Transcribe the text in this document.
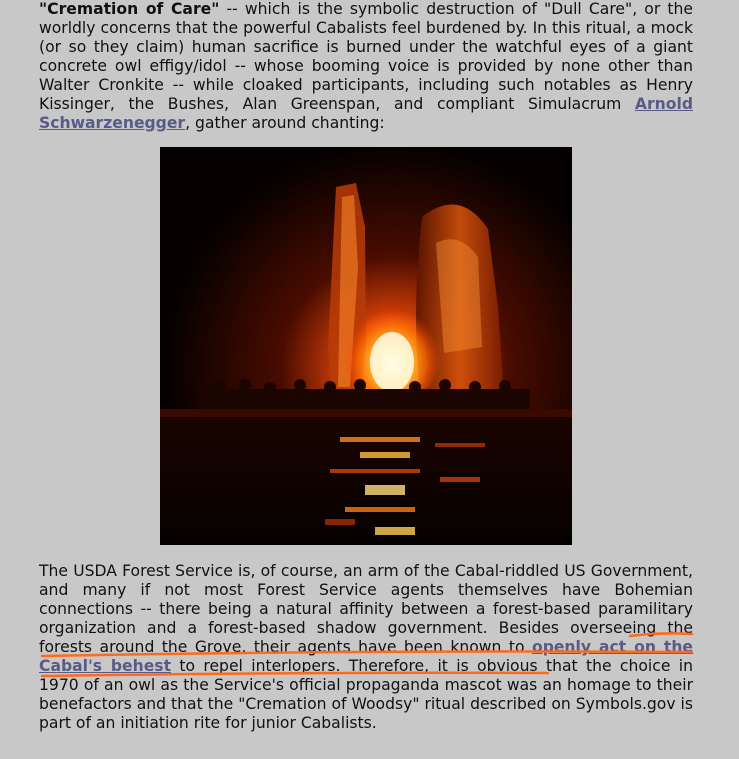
"Cremation of Care" -- which is the symbolic destruction of "Dull Care", or the worldly concerns that the powerful Cabalists feel burdened by. In this ritual, a mock (or so they claim) human sacrifice is burned under the watchful eyes of a giant concrete owl effigy/idol -- whose booming voice is provided by none other than Walter Cronkite -- while cloaked participants, including such notables as Henry Kissinger, the Bushes, Alan Greenspan, and compliant Simulacrum Arnold Schwarzenegger, gather around chanting:

The USDA Forest Service is, of course, an arm of the Cabal-riddled US Government, and many if not most Forest Service agents themselves have Bohemian connections -- there being a natural affinity between a forest-based paramilitary organization and a forest-based shadow government. Besides overseeing the forests around the Grove, their agents have been known to openly act on the Cabal's behest to repel interlopers. Therefore, it is obvious that the choice in 1970 of an owl as the Service's official propaganda mascot was an homage to their benefactors and that the "Cremation of Woodsy" ritual described on Symbols.gov is part of an initiation rite for junior Cabalists.
